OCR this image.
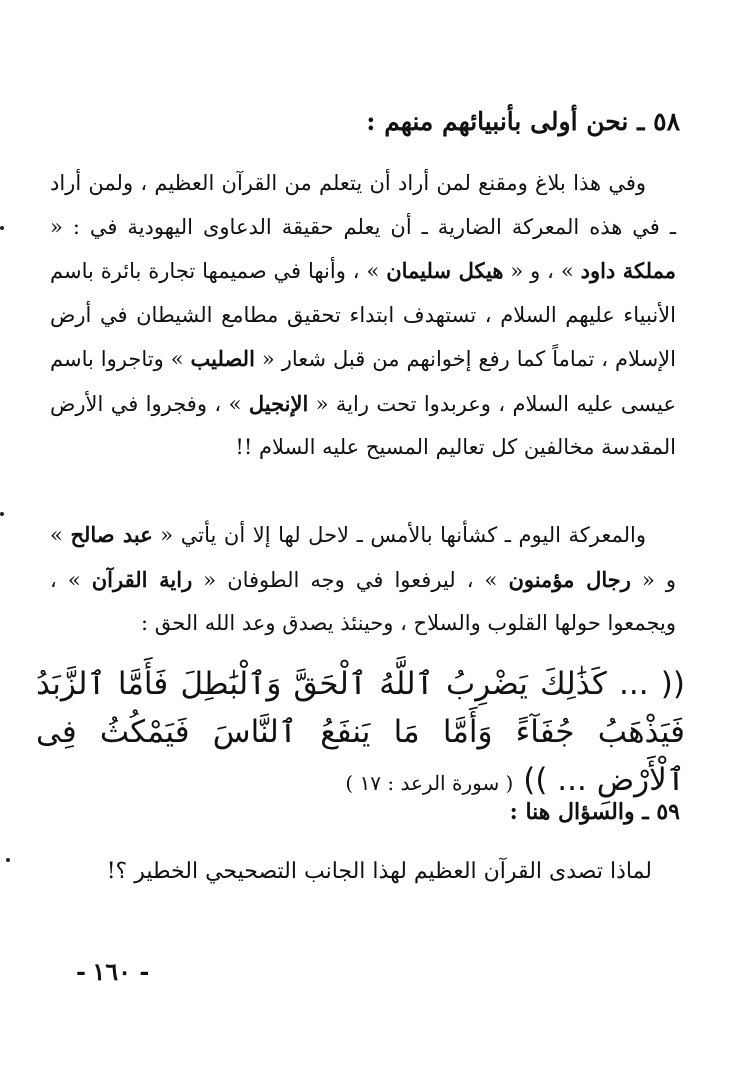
٥٨ ـ نحن أولى بأنبيائهم منهم :

وفي هذا بلاغ ومقنع لمن أراد أن يتعلم من القرآن العظيم ، ولمن أراد ـ في هذه المعركة الضارية ـ أن يعلم حقيقة الدعاوى اليهودية في : « مملكة داود » ، و « هيكل سليمان » ، وأنها في صميمها تجارة بائرة باسم الأنبياء عليهم السلام ، تستهدف ابتداء تحقيق مطامع الشيطان في أرض الإسلام ، تماماً كما رفع إخوانهم من قبل شعار « الصليب » وتاجروا باسم عيسى عليه السلام ، وعربدوا تحت راية « الإنجيل » ، وفجروا في الأرض المقدسة مخالفين كل تعاليم المسيح عليه السلام !!

والمعركة اليوم ـ كشأنها بالأمس ـ لاحل لها إلا أن يأتي « عبد صالح » و « رجال مؤمنون » ، ليرفعوا في وجه الطوفان « راية القرآن » ، ويجمعوا حولها القلوب والسلاح ، وحينئذ يصدق وعد الله الحق :

(( ... كَذَٰلِكَ يَضْرِبُ ٱللَّهُ ٱلْحَقَّ وَٱلْبَٰطِلَ فَأَمَّا ٱلزَّبَدُ فَيَذْهَبُ جُفَآءً وَأَمَّا مَا يَنفَعُ ٱلنَّاسَ فَيَمْكُثُ فِى ٱلْأَرْضِ ... )) ( سورة الرعد : ١٧ )

٥٩ ـ والسؤال هنا :

لماذا تصدى القرآن العظيم لهذا الجانب التصحيحي الخطير ؟!

- ١٦٠ -
